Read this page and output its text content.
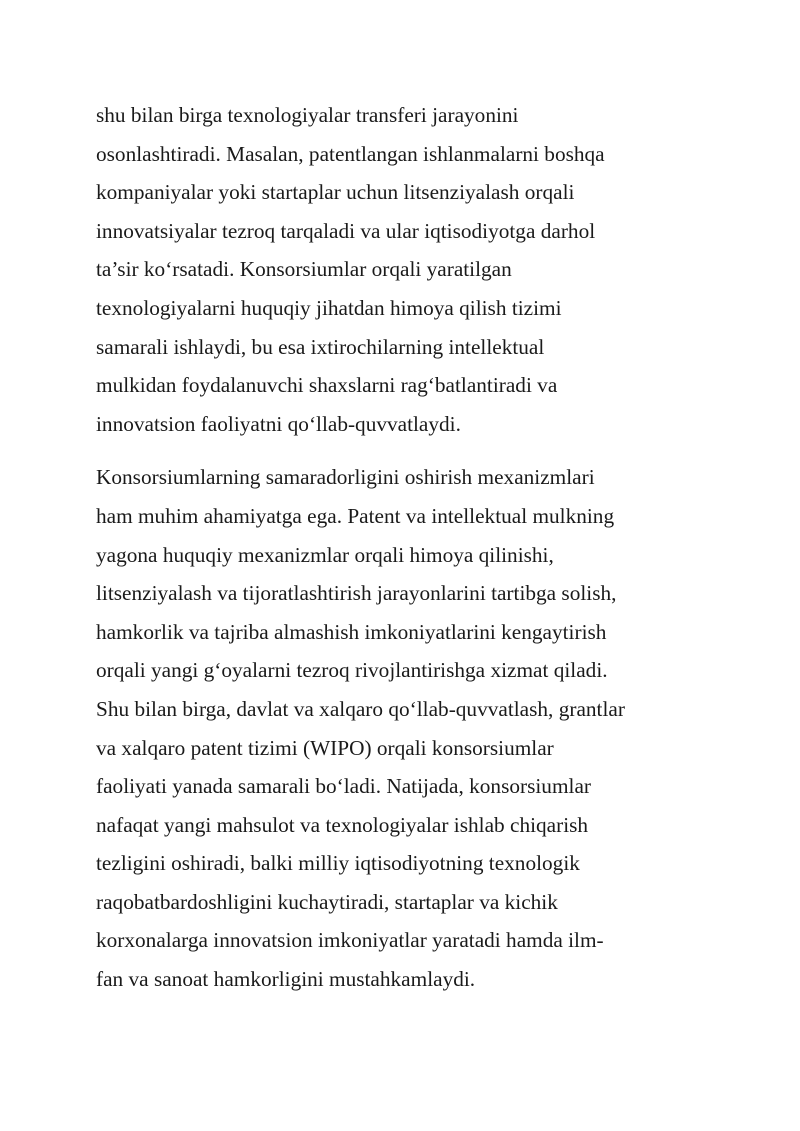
shu bilan birga texnologiyalar transferi jarayonini
osonlashtiradi. Masalan, patentlangan ishlanmalarni boshqa
kompaniyalar yoki startaplar uchun litsenziyalash orqali
innovatsiyalar tezroq tarqaladi va ular iqtisodiyotga darhol
ta’sir ko‘rsatadi. Konsorsiumlar orqali yaratilgan
texnologiyalarni huquqiy jihatdan himoya qilish tizimi
samarali ishlaydi, bu esa ixtirochilarning intellektual
mulkidan foydalanuvchi shaxslarni rag‘batlantiradi va
innovatsion faoliyatni qo‘llab-quvvatlaydi.

Konsorsiumlarning samaradorligini oshirish mexanizmlari
ham muhim ahamiyatga ega. Patent va intellektual mulkning
yagona huquqiy mexanizmlar orqali himoya qilinishi,
litsenziyalash va tijoratlashtirish jarayonlarini tartibga solish,
hamkorlik va tajriba almashish imkoniyatlarini kengaytirish
orqali yangi g‘oyalarni tezroq rivojlantirishga xizmat qiladi.
Shu bilan birga, davlat va xalqaro qo‘llab-quvvatlash, grantlar
va xalqaro patent tizimi (WIPO) orqali konsorsiumlar
faoliyati yanada samarali bo‘ladi. Natijada, konsorsiumlar
nafaqat yangi mahsulot va texnologiyalar ishlab chiqarish
tezligini oshiradi, balki milliy iqtisodiyotning texnologik
raqobatbardoshligini kuchaytiradi, startaplar va kichik
korxonalarga innovatsion imkoniyatlar yaratadi hamda ilm-
fan va sanoat hamkorligini mustahkamlaydi.
